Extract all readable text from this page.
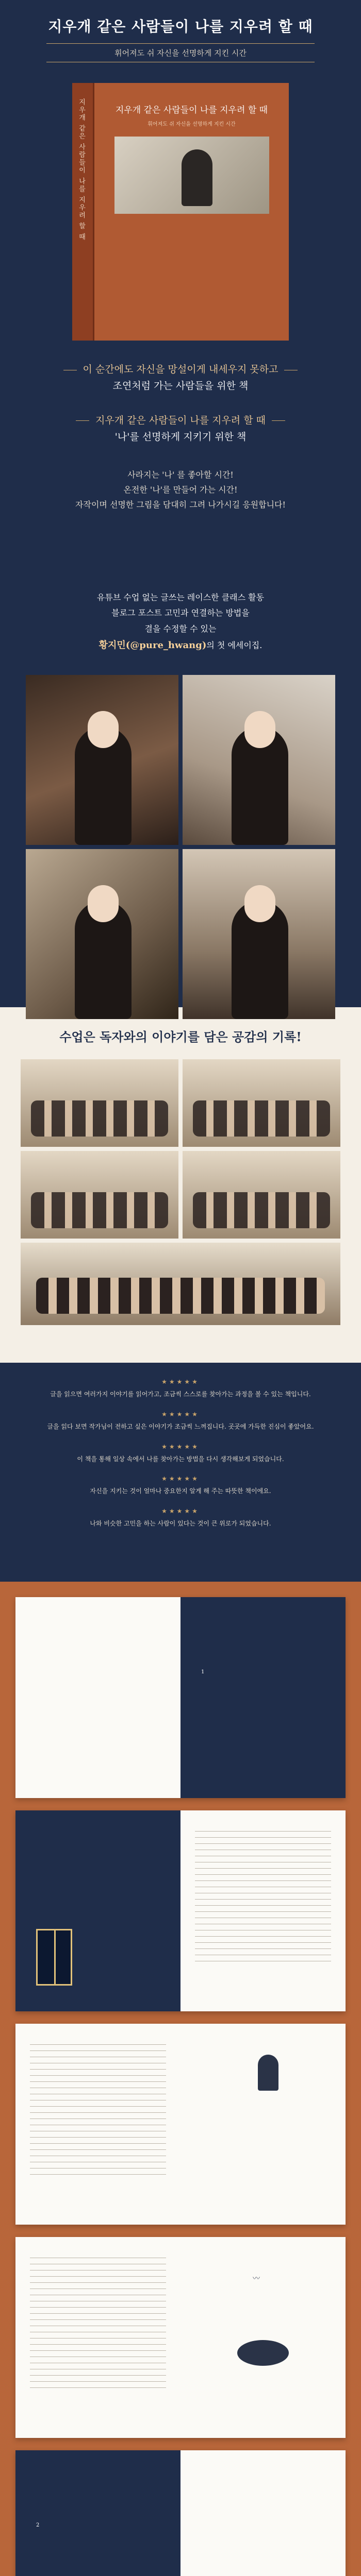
지우개 같은 사람들이 나를 지우려 할 때
휘어져도 쉬 자신을 선명하게 지킨 시간
지우개 같은 사람들이 나를 지우려 할 때	지우개 같은 사람들이 나를 지우려 할 때
휘어져도 쉬 자신을 선명하게 지킨 시간
이 순간에도 자신을 망설이게 내세우지 못하고
조연처럼 가는 사람들을 위한 책
지우개 같은 사람들이 나를 지우려 할 때
'나'를 선명하게 지키기 위한 책
사라지는 '나' 를 좋아할 시간!
온전한 '나'를 만들어 가는 시간!
자작이며 선명한 그림을 담대히 그려 나가시길 응원합니다!
유튜브 수업 없는 글쓰는 레이스한 클래스 활동
블로그 포스트 고민과 연결하는 방법을
결을 수정할 수 있는
황지민(@pure_hwang)의 첫 에세이집.
수업은 독자와의 이야기를 담은 공감의 기록!
★★★★★
글을 읽으면 여러가지 이야기를 읽어가고, 조금씩 스스로를 찾아가는 과정을 볼 수 있는 책입니다.
★★★★★
글을 읽다 보면 작가님이 전하고 싶은 이야기가 조금씩 느껴집니다. 곳곳에 가득한 진심이 좋았어요.
★★★★★
이 책을 통해 일상 속에서 나를 찾아가는 방법을 다시 생각해보게 되었습니다.
★★★★★
자신을 지키는 것이 얼마나 중요한지 알게 해 주는 따뜻한 책이에요.
★★★★★
나와 비슷한 고민을 하는 사람이 있다는 것이 큰 위로가 되었습니다.
1
〰
2
